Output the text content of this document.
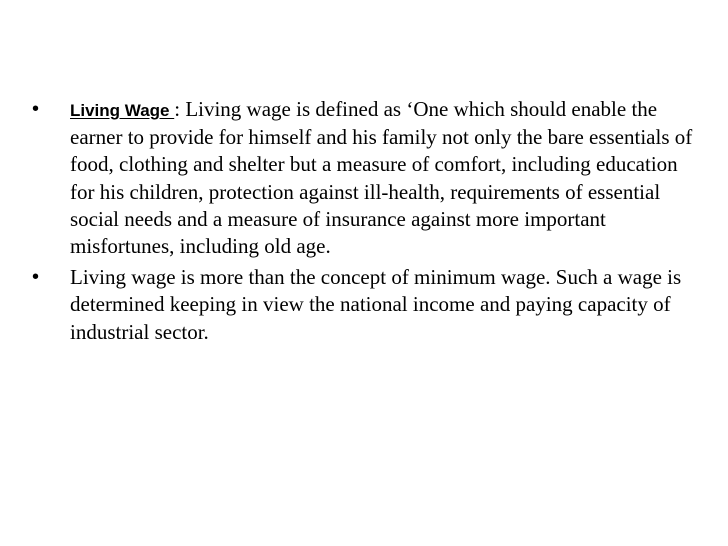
•	Living Wage : Living wage is defined as ‘One which should enable the earner to provide for himself and his family not only the bare essentials of food, clothing and shelter but a measure of comfort, including education for his children, protection against ill-health, requirements of essential social needs and a measure of insurance against more important misfortunes, including old age.
•	Living wage is more than the concept of minimum wage. Such a wage is determined keeping in view the national income and paying capacity of industrial sector.
